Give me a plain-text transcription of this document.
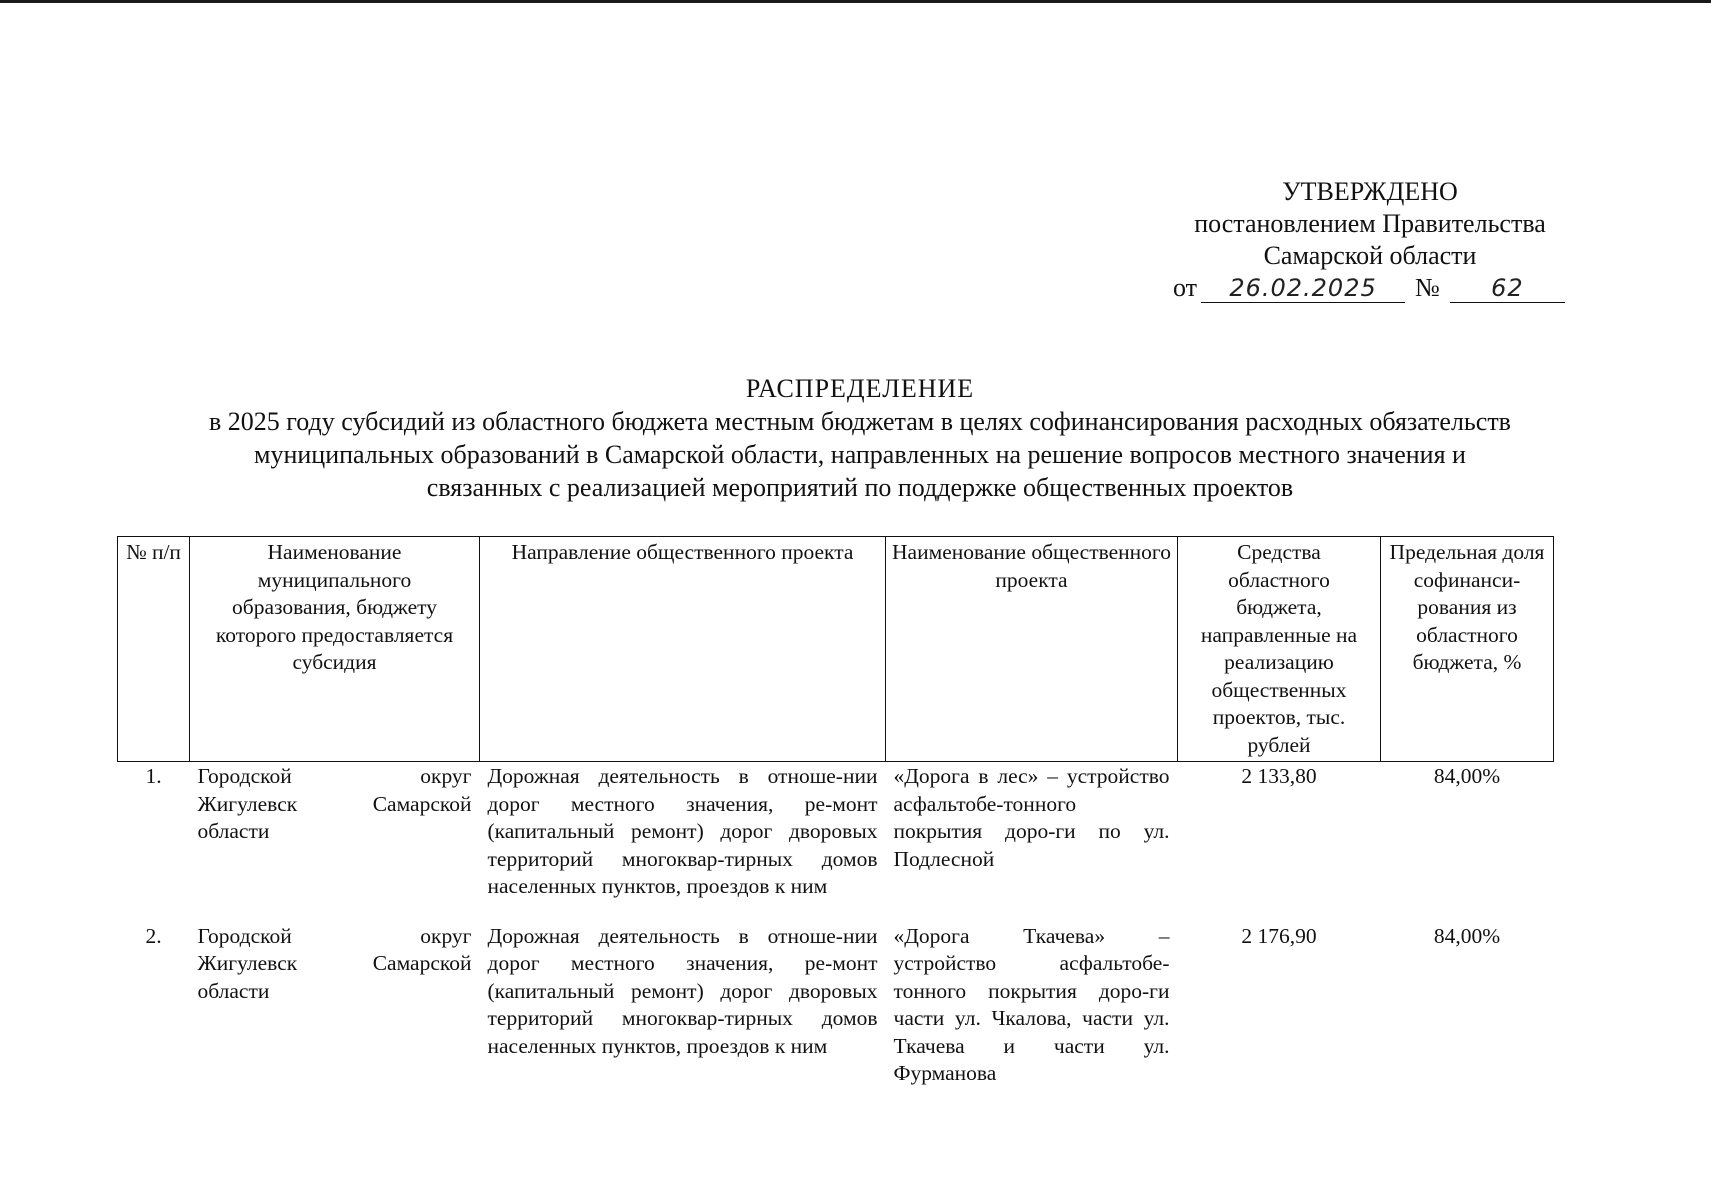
УТВЕРЖДЕНО
постановлением Правительства
Самарской области
от 26.02.2025 № 62
РАСПРЕДЕЛЕНИЕ
в 2025 году субсидий из областного бюджета местным бюджетам в целях софинансирования расходных обязательств
муниципальных образований в Самарской области, направленных на решение вопросов местного значения и
связанных с реализацией мероприятий по поддержке общественных проектов
№ п/п	Наименование муниципального образования, бюджету которого предоставляется субсидия	Направление общественного проекта	Наименование общественного проекта	Средства областного бюджета, направленные на реализацию общественных проектов, тыс. рублей	Предельная доля софинанси-рования из областного бюджета, %
1.	Городской округ
Жигулевск Самарской
области	Дорожная деятельность в отноше-нии дорог местного значения, ре-монт (капитальный ремонт) дорог дворовых территорий многоквар-тирных домов населенных пунктов, проездов к ним	«Дорога в лес» – устройство асфальтобе-тонного покрытия доро-ги по ул. Подлесной	2 133,80	84,00%
2.	Городской округ
Жигулевск Самарской
области	Дорожная деятельность в отноше-нии дорог местного значения, ре-монт (капитальный ремонт) дорог дворовых территорий многоквар-тирных домов населенных пунктов, проездов к ним	«Дорога Ткачева» – устройство асфальтобе-тонного покрытия доро-ги части ул. Чкалова, части ул. Ткачева и части ул. Фурманова	2 176,90	84,00%
